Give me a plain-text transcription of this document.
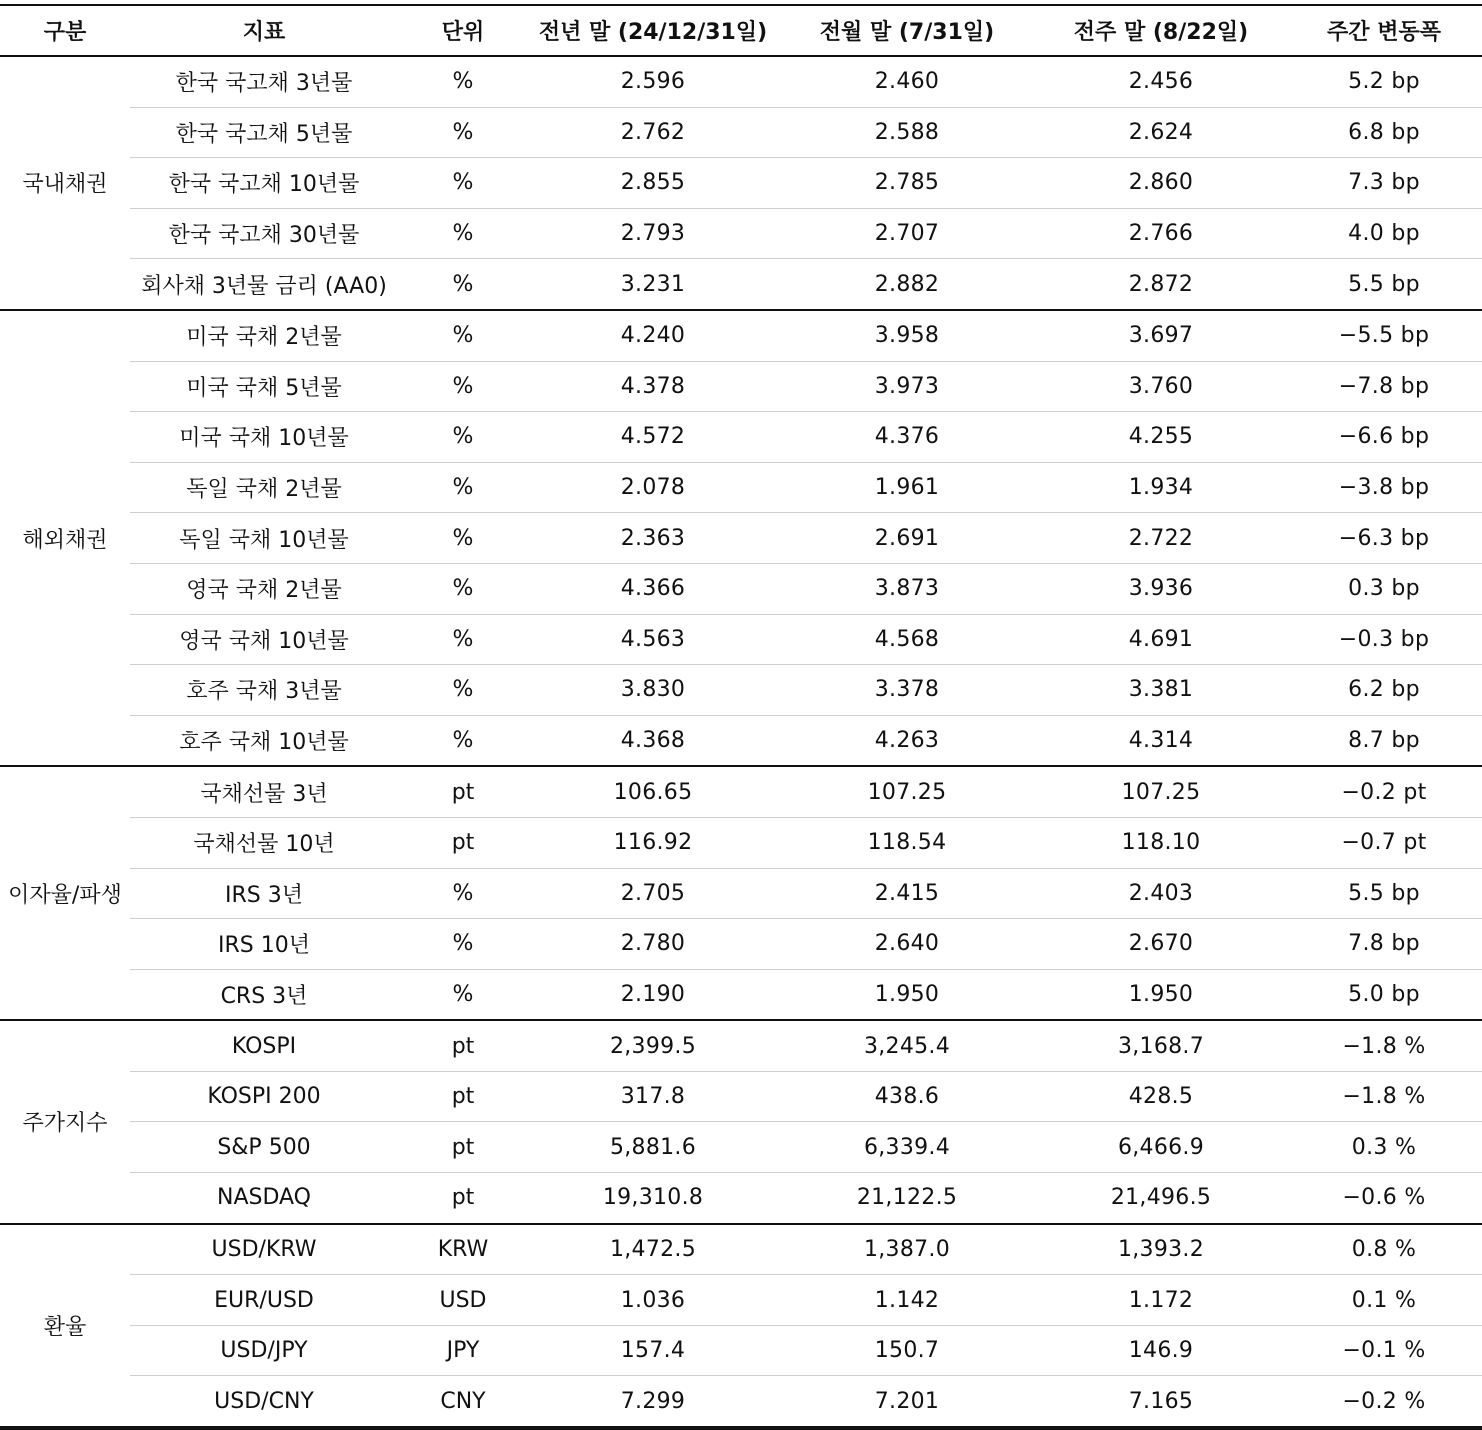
구분	지표	단위	전년 말 (24/12/31일)	전월 말 (7/31일)	전주 말 (8/22일)	주간 변동폭
국내채권	한국 국고채 3년물	%	2.596	2.460	2.456	5.2 bp
	한국 국고채 5년물	%	2.762	2.588	2.624	6.8 bp
	한국 국고채 10년물	%	2.855	2.785	2.860	7.3 bp
	한국 국고채 30년물	%	2.793	2.707	2.766	4.0 bp
	회사채 3년물 금리 (AA0)	%	3.231	2.882	2.872	5.5 bp
해외채권	미국 국채 2년물	%	4.240	3.958	3.697	−5.5 bp
	미국 국채 5년물	%	4.378	3.973	3.760	−7.8 bp
	미국 국채 10년물	%	4.572	4.376	4.255	−6.6 bp
	독일 국채 2년물	%	2.078	1.961	1.934	−3.8 bp
	독일 국채 10년물	%	2.363	2.691	2.722	−6.3 bp
	영국 국채 2년물	%	4.366	3.873	3.936	0.3 bp
	영국 국채 10년물	%	4.563	4.568	4.691	−0.3 bp
	호주 국채 3년물	%	3.830	3.378	3.381	6.2 bp
	호주 국채 10년물	%	4.368	4.263	4.314	8.7 bp
이자율/파생	국채선물 3년	pt	106.65	107.25	107.25	−0.2 pt
	국채선물 10년	pt	116.92	118.54	118.10	−0.7 pt
	IRS 3년	%	2.705	2.415	2.403	5.5 bp
	IRS 10년	%	2.780	2.640	2.670	7.8 bp
	CRS 3년	%	2.190	1.950	1.950	5.0 bp
주가지수	KOSPI	pt	2,399.5	3,245.4	3,168.7	−1.8 %
	KOSPI 200	pt	317.8	438.6	428.5	−1.8 %
	S&P 500	pt	5,881.6	6,339.4	6,466.9	0.3 %
	NASDAQ	pt	19,310.8	21,122.5	21,496.5	−0.6 %
환율	USD/KRW	KRW	1,472.5	1,387.0	1,393.2	0.8 %
	EUR/USD	USD	1.036	1.142	1.172	0.1 %
	USD/JPY	JPY	157.4	150.7	146.9	−0.1 %
	USD/CNY	CNY	7.299	7.201	7.165	−0.2 %
